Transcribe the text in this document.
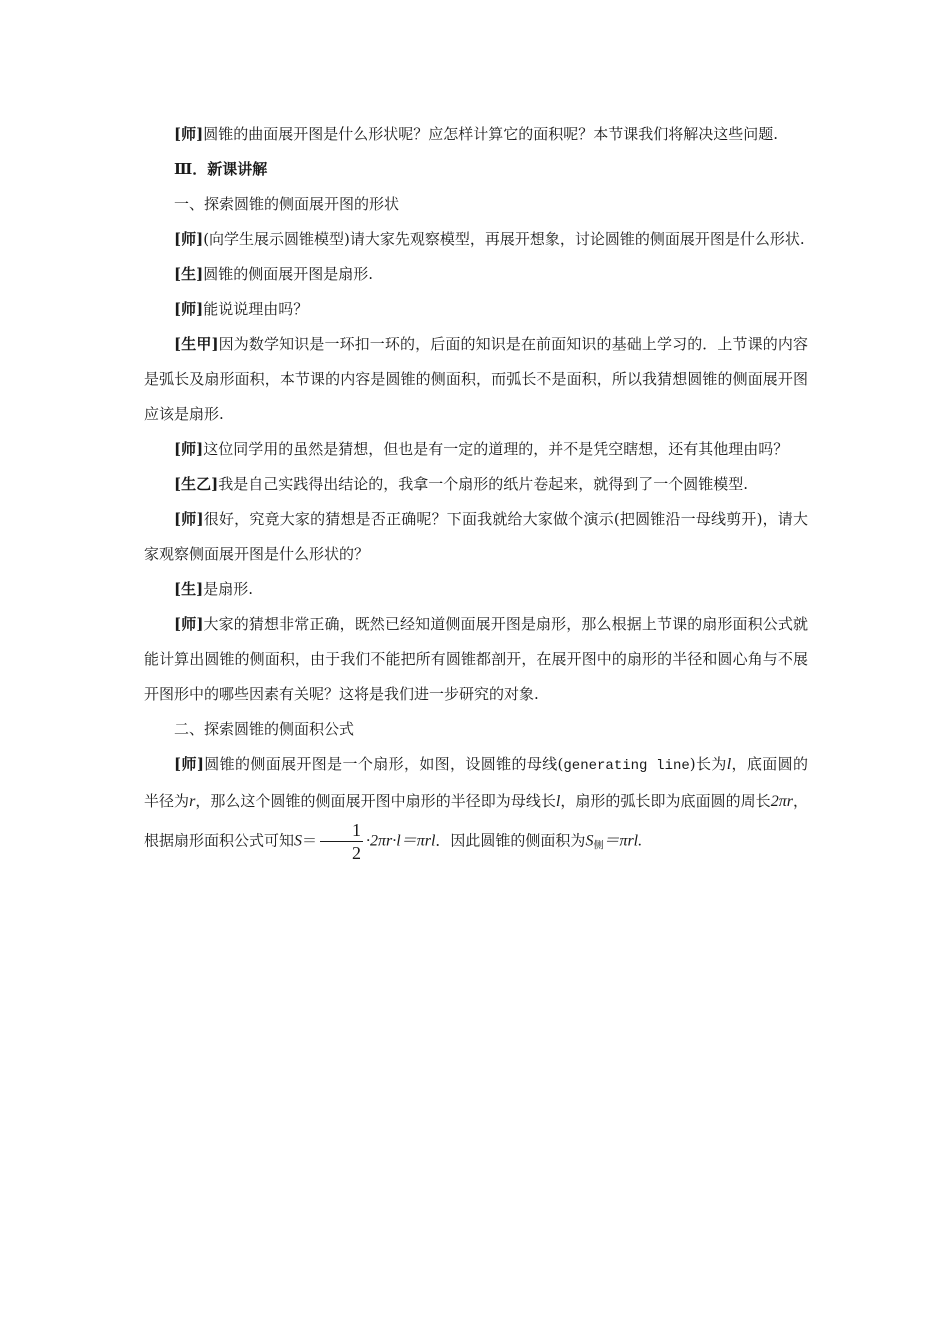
[师]圆锥的曲面展开图是什么形状呢？应怎样计算它的面积呢？本节课我们将解决这些问题.

Ⅲ．新课讲解

一、探索圆锥的侧面展开图的形状

[师](向学生展示圆锥模型)请大家先观察模型，再展开想象，讨论圆锥的侧面展开图是什么形状.

[生]圆锥的侧面展开图是扇形.

[师]能说说理由吗？

[生甲]因为数学知识是一环扣一环的，后面的知识是在前面知识的基础上学习的．上节课的内容是弧长及扇形面积，本节课的内容是圆锥的侧面积，而弧长不是面积，所以我猜想圆锥的侧面展开图应该是扇形.

[师]这位同学用的虽然是猜想，但也是有一定的道理的，并不是凭空瞎想，还有其他理由吗？

[生乙]我是自己实践得出结论的，我拿一个扇形的纸片卷起来，就得到了一个圆锥模型.

[师]很好，究竟大家的猜想是否正确呢？下面我就给大家做个演示(把圆锥沿一母线剪开)，请大家观察侧面展开图是什么形状的？

[生]是扇形.

[师]大家的猜想非常正确，既然已经知道侧面展开图是扇形，那么根据上节课的扇形面积公式就能计算出圆锥的侧面积，由于我们不能把所有圆锥都剖开，在展开图中的扇形的半径和圆心角与不展开图形中的哪些因素有关呢？这将是我们进一步研究的对象.

二、探索圆锥的侧面积公式

[师]圆锥的侧面展开图是一个扇形，如图，设圆锥的母线(generating line)长为l，底面圆的半径为r，那么这个圆锥的侧面展开图中扇形的半径即为母线长l，扇形的弧长即为底面圆的周长2πr，根据扇形面积公式可知$S= \frac{1}{2} \cdot 2\pi r\cdot l=\pi rl$．因此圆锥的侧面积为$S_侧=\pi rl$.
